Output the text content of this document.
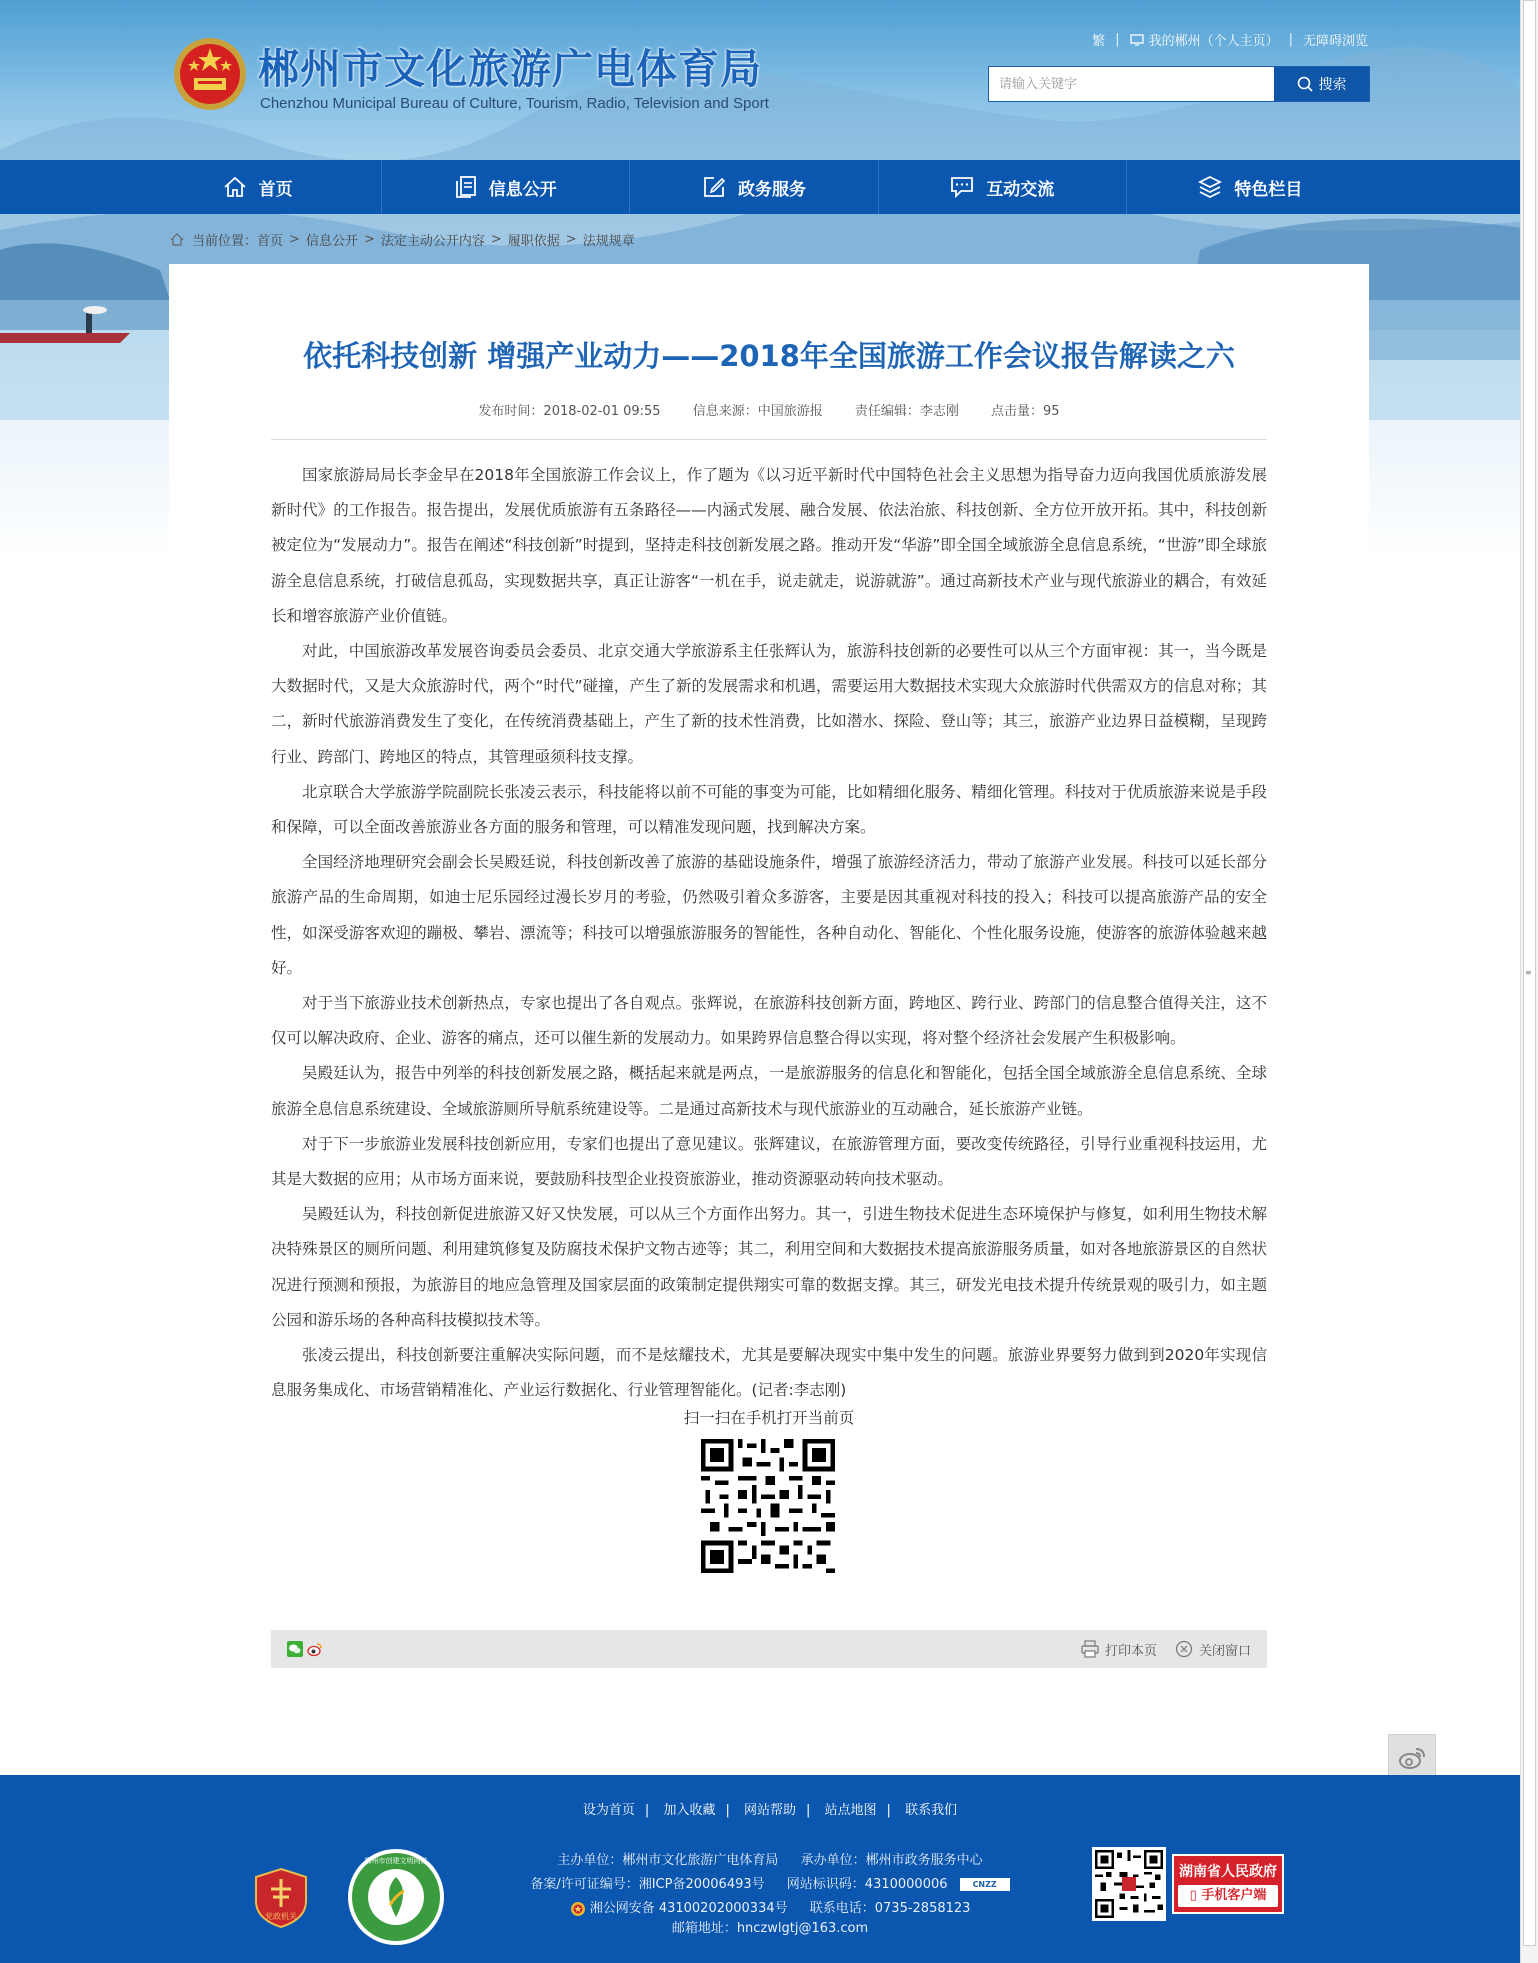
郴州市文化旅游广电体育局
Chenzhou Municipal Bureau of Culture, Tourism, Radio, Television and Sport
繁 | 我的郴州（个人主页） | 无障碍浏览
请输入关键字
搜索
首页	信息公开	政务服务	互动交流	特色栏目
当前位置： 首页 > 信息公开 > 法定主动公开内容 > 履职依据 > 法规规章
依托科技创新 增强产业动力——2018年全国旅游工作会议报告解读之六
发布时间：2018-02-01 09:55 信息来源：中国旅游报 责任编辑：李志刚 点击量：95

国家旅游局局长李金早在2018年全国旅游工作会议上，作了题为《以习近平新时代中国特色社会主义思想为指导奋力迈向我国优质旅游发展新时代》的工作报告。报告提出，发展优质旅游有五条路径——内涵式发展、融合发展、依法治旅、科技创新、全方位开放开拓。其中，科技创新被定位为“发展动力”。报告在阐述“科技创新”时提到，坚持走科技创新发展之路。推动开发“华游”即全国全域旅游全息信息系统，“世游”即全球旅游全息信息系统，打破信息孤岛，实现数据共享，真正让游客“一机在手，说走就走，说游就游”。通过高新技术产业与现代旅游业的耦合，有效延长和增容旅游产业价值链。

对此，中国旅游改革发展咨询委员会委员、北京交通大学旅游系主任张辉认为，旅游科技创新的必要性可以从三个方面审视：其一，当今既是大数据时代，又是大众旅游时代，两个“时代”碰撞，产生了新的发展需求和机遇，需要运用大数据技术实现大众旅游时代供需双方的信息对称；其二，新时代旅游消费发生了变化，在传统消费基础上，产生了新的技术性消费，比如潜水、探险、登山等；其三，旅游产业边界日益模糊，呈现跨行业、跨部门、跨地区的特点，其管理亟须科技支撑。

北京联合大学旅游学院副院长张凌云表示，科技能将以前不可能的事变为可能，比如精细化服务、精细化管理。科技对于优质旅游来说是手段和保障，可以全面改善旅游业各方面的服务和管理，可以精准发现问题，找到解决方案。

全国经济地理研究会副会长吴殿廷说，科技创新改善了旅游的基础设施条件，增强了旅游经济活力，带动了旅游产业发展。科技可以延长部分旅游产品的生命周期，如迪士尼乐园经过漫长岁月的考验，仍然吸引着众多游客，主要是因其重视对科技的投入；科技可以提高旅游产品的安全性，如深受游客欢迎的蹦极、攀岩、漂流等；科技可以增强旅游服务的智能性，各种自动化、智能化、个性化服务设施，使游客的旅游体验越来越好。

对于当下旅游业技术创新热点，专家也提出了各自观点。张辉说，在旅游科技创新方面，跨地区、跨行业、跨部门的信息整合值得关注，这不仅可以解决政府、企业、游客的痛点，还可以催生新的发展动力。如果跨界信息整合得以实现，将对整个经济社会发展产生积极影响。

吴殿廷认为，报告中列举的科技创新发展之路，概括起来就是两点，一是旅游服务的信息化和智能化，包括全国全域旅游全息信息系统、全球旅游全息信息系统建设、全域旅游厕所导航系统建设等。二是通过高新技术与现代旅游业的互动融合，延长旅游产业链。

对于下一步旅游业发展科技创新应用，专家们也提出了意见建议。张辉建议，在旅游管理方面，要改变传统路径，引导行业重视科技运用，尤其是大数据的应用；从市场方面来说，要鼓励科技型企业投资旅游业，推动资源驱动转向技术驱动。

吴殿廷认为，科技创新促进旅游又好又快发展，可以从三个方面作出努力。其一，引进生物技术促进生态环境保护与修复，如利用生物技术解决特殊景区的厕所问题、利用建筑修复及防腐技术保护文物古迹等；其二，利用空间和大数据技术提高旅游服务质量，如对各地旅游景区的自然状况进行预测和预报，为旅游目的地应急管理及国家层面的政策制定提供翔实可靠的数据支撑。其三，研发光电技术提升传统景观的吸引力，如主题公园和游乐场的各种高科技模拟技术等。

张凌云提出，科技创新要注重解决实际问题，而不是炫耀技术，尤其是要解决现实中集中发生的问题。旅游业界要努力做到到2020年实现信息服务集成化、市场营销精准化、产业运行数据化、行业管理智能化。(记者:李志刚)

扫一扫在手机打开当前页
打印本页	关闭窗口
≡
设为首页 | 加入收藏 | 网站帮助 | 站点地图 | 联系我们
党政机关
郴州市创建文明网站	主办单位：郴州市文化旅游广电体育局 承办单位：郴州市政务服务中心
备案/许可证编号：湘ICP备20006493号 网站标识码：4310000006	CNZZ
湘公网安备 43100202000334号 联系电话：0735-2858123
邮箱地址：hnczwlgtj@163.com
湖南省人民政府
▯ 手机客户端
